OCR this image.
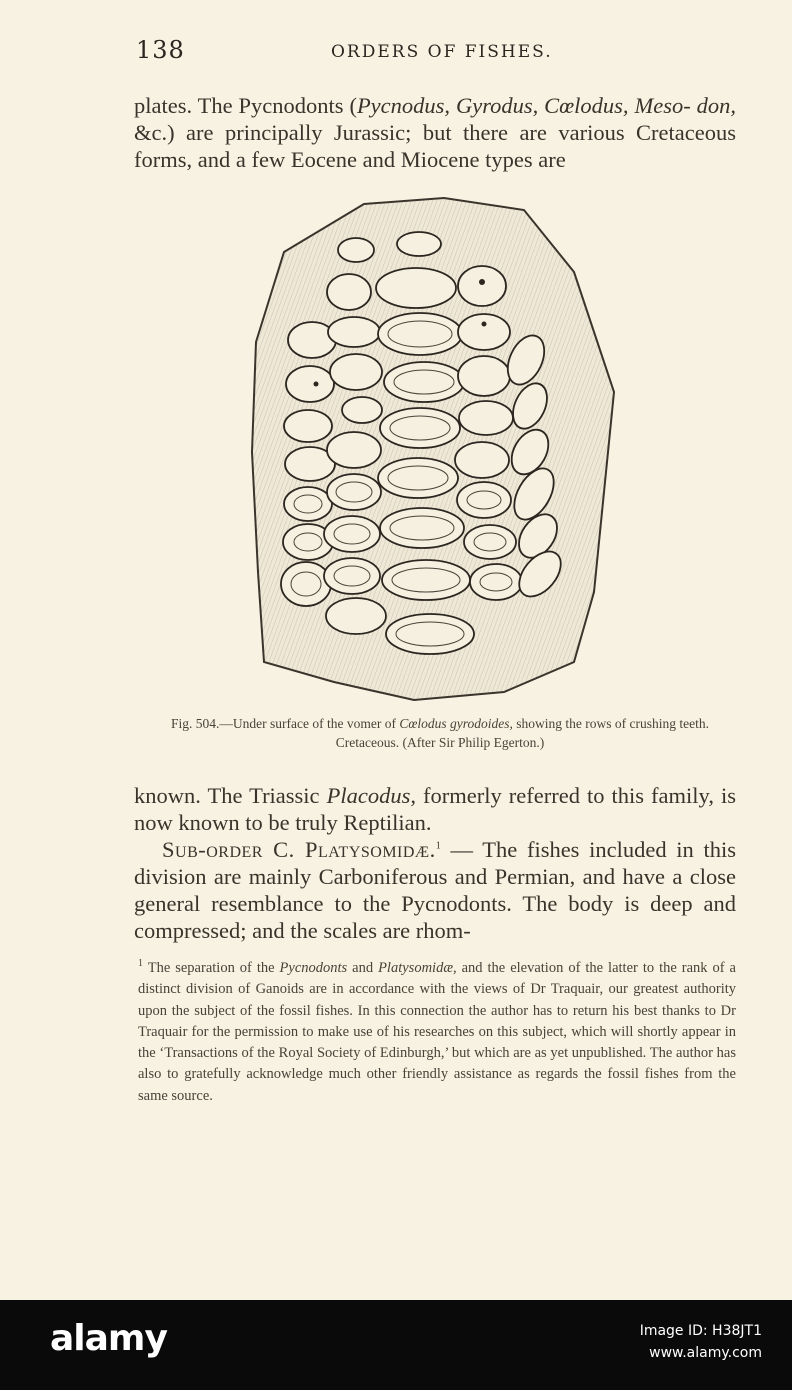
138	ORDERS OF FISHES.
plates. The Pycnodonts (Pycnodus, Gyrodus, Cœlodus, Meso- don, &c.) are principally Jurassic; but there are various Cretaceous forms, and a few Eocene and Miocene types are
Fig. 504.—Under surface of the vomer of Cœlodus gyrodoides, showing the rows of crushing teeth. Cretaceous. (After Sir Philip Egerton.)

known. The Triassic Placodus, formerly referred to this family, is now known to be truly Reptilian.

Sub-order C. Platysomidæ.$^1$ — The fishes included in this division are mainly Carboniferous and Permian, and have a close general resemblance to the Pycnodonts. The body is deep and compressed; and the scales are rhom-

$^1$ The separation of the Pycnodonts and Platysomidæ, and the elevation of the latter to the rank of a distinct division of Ganoids are in accordance with the views of Dr Traquair, our greatest authority upon the subject of the fossil fishes. In this connection the author has to return his best thanks to Dr Traquair for the permission to make use of his researches on this subject, which will shortly appear in the ‘Transactions of the Royal Society of Edinburgh,’ but which are as yet unpublished. The author has also to gratefully acknowledge much other friendly assistance as regards the fossil fishes from the same source.
alamy	Image ID: H38JT1
www.alamy.com
